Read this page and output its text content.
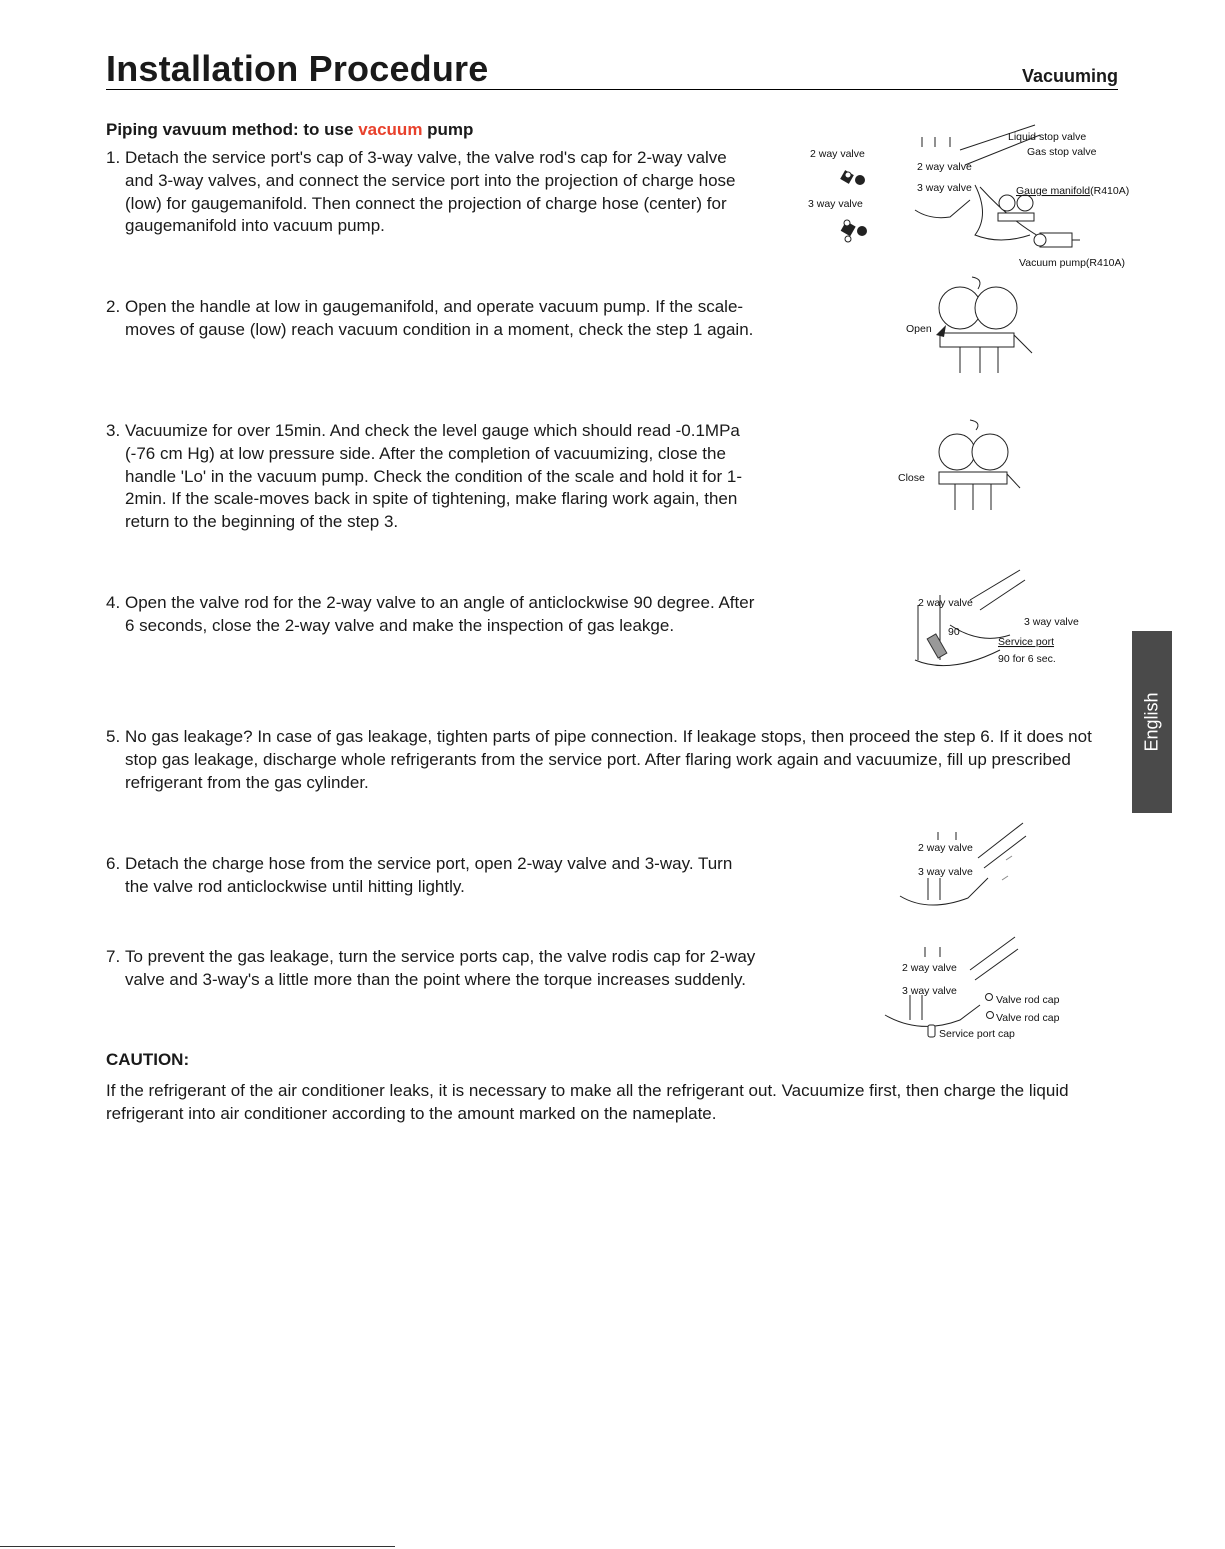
Installation Procedure	Vacuuming
Piping vavuum method: to use vacuum pump
1. Detach the service port's cap of 3-way valve, the valve rod's cap for 2-way valve and 3-way valves, and connect the service port into the projection of charge hose (low) for gaugemanifold. Then connect the projection of charge hose (center) for gaugemanifold into vacuum pump.
2. Open the handle at low in gaugemanifold, and operate vacuum pump. If the scale-moves of gause (low) reach vacuum condition in a moment, check the step 1 again.
3. Vacuumize for over 15min. And check the level gauge which should read -0.1MPa (-76 cm Hg) at low pressure side. After the completion of vacuumizing, close the handle 'Lo' in the vacuum pump. Check the condition of the scale and hold it for 1-2min. If the scale-moves back in spite of tightening, make flaring work again, then return to the beginning of the step 3.
4. Open the valve rod for the 2-way valve to an angle of anticlockwise 90 degree. After 6 seconds, close the 2-way valve and make the inspection of gas leakge.
5. No gas leakage? In case of gas leakage, tighten parts of pipe connection. If leakage stops, then proceed the step 6. If it does not stop gas leakage, discharge whole refrigerants from the service port. After flaring work again and vacuumize, fill up prescribed refrigerant from the gas cylinder.
6. Detach the charge hose from the service port, open 2-way valve and 3-way. Turn the valve rod anticlockwise until hitting lightly.
7. To prevent the gas leakage, turn the service ports cap, the valve rodis cap for 2-way valve and 3-way's a little more than the point where the torque increases suddenly.
CAUTION:
If the refrigerant of the air conditioner leaks, it is necessary to make all the refrigerant out. Vacuumize first, then charge the liquid refrigerant into air conditioner according to the amount marked on the nameplate.
English
2 way valve
3 way valve
Liquid stop valve
Gas stop valve
2 way valve
3 way valve	Gauge manifold(R410A)
Vacuum pump(R410A)
Open
Close
2 way valve
3 way valve
90
Service port
90 for 6 sec.
2 way valve
3 way valve
2 way valve
3 way valve
Valve rod cap
Valve rod cap
Service port cap
